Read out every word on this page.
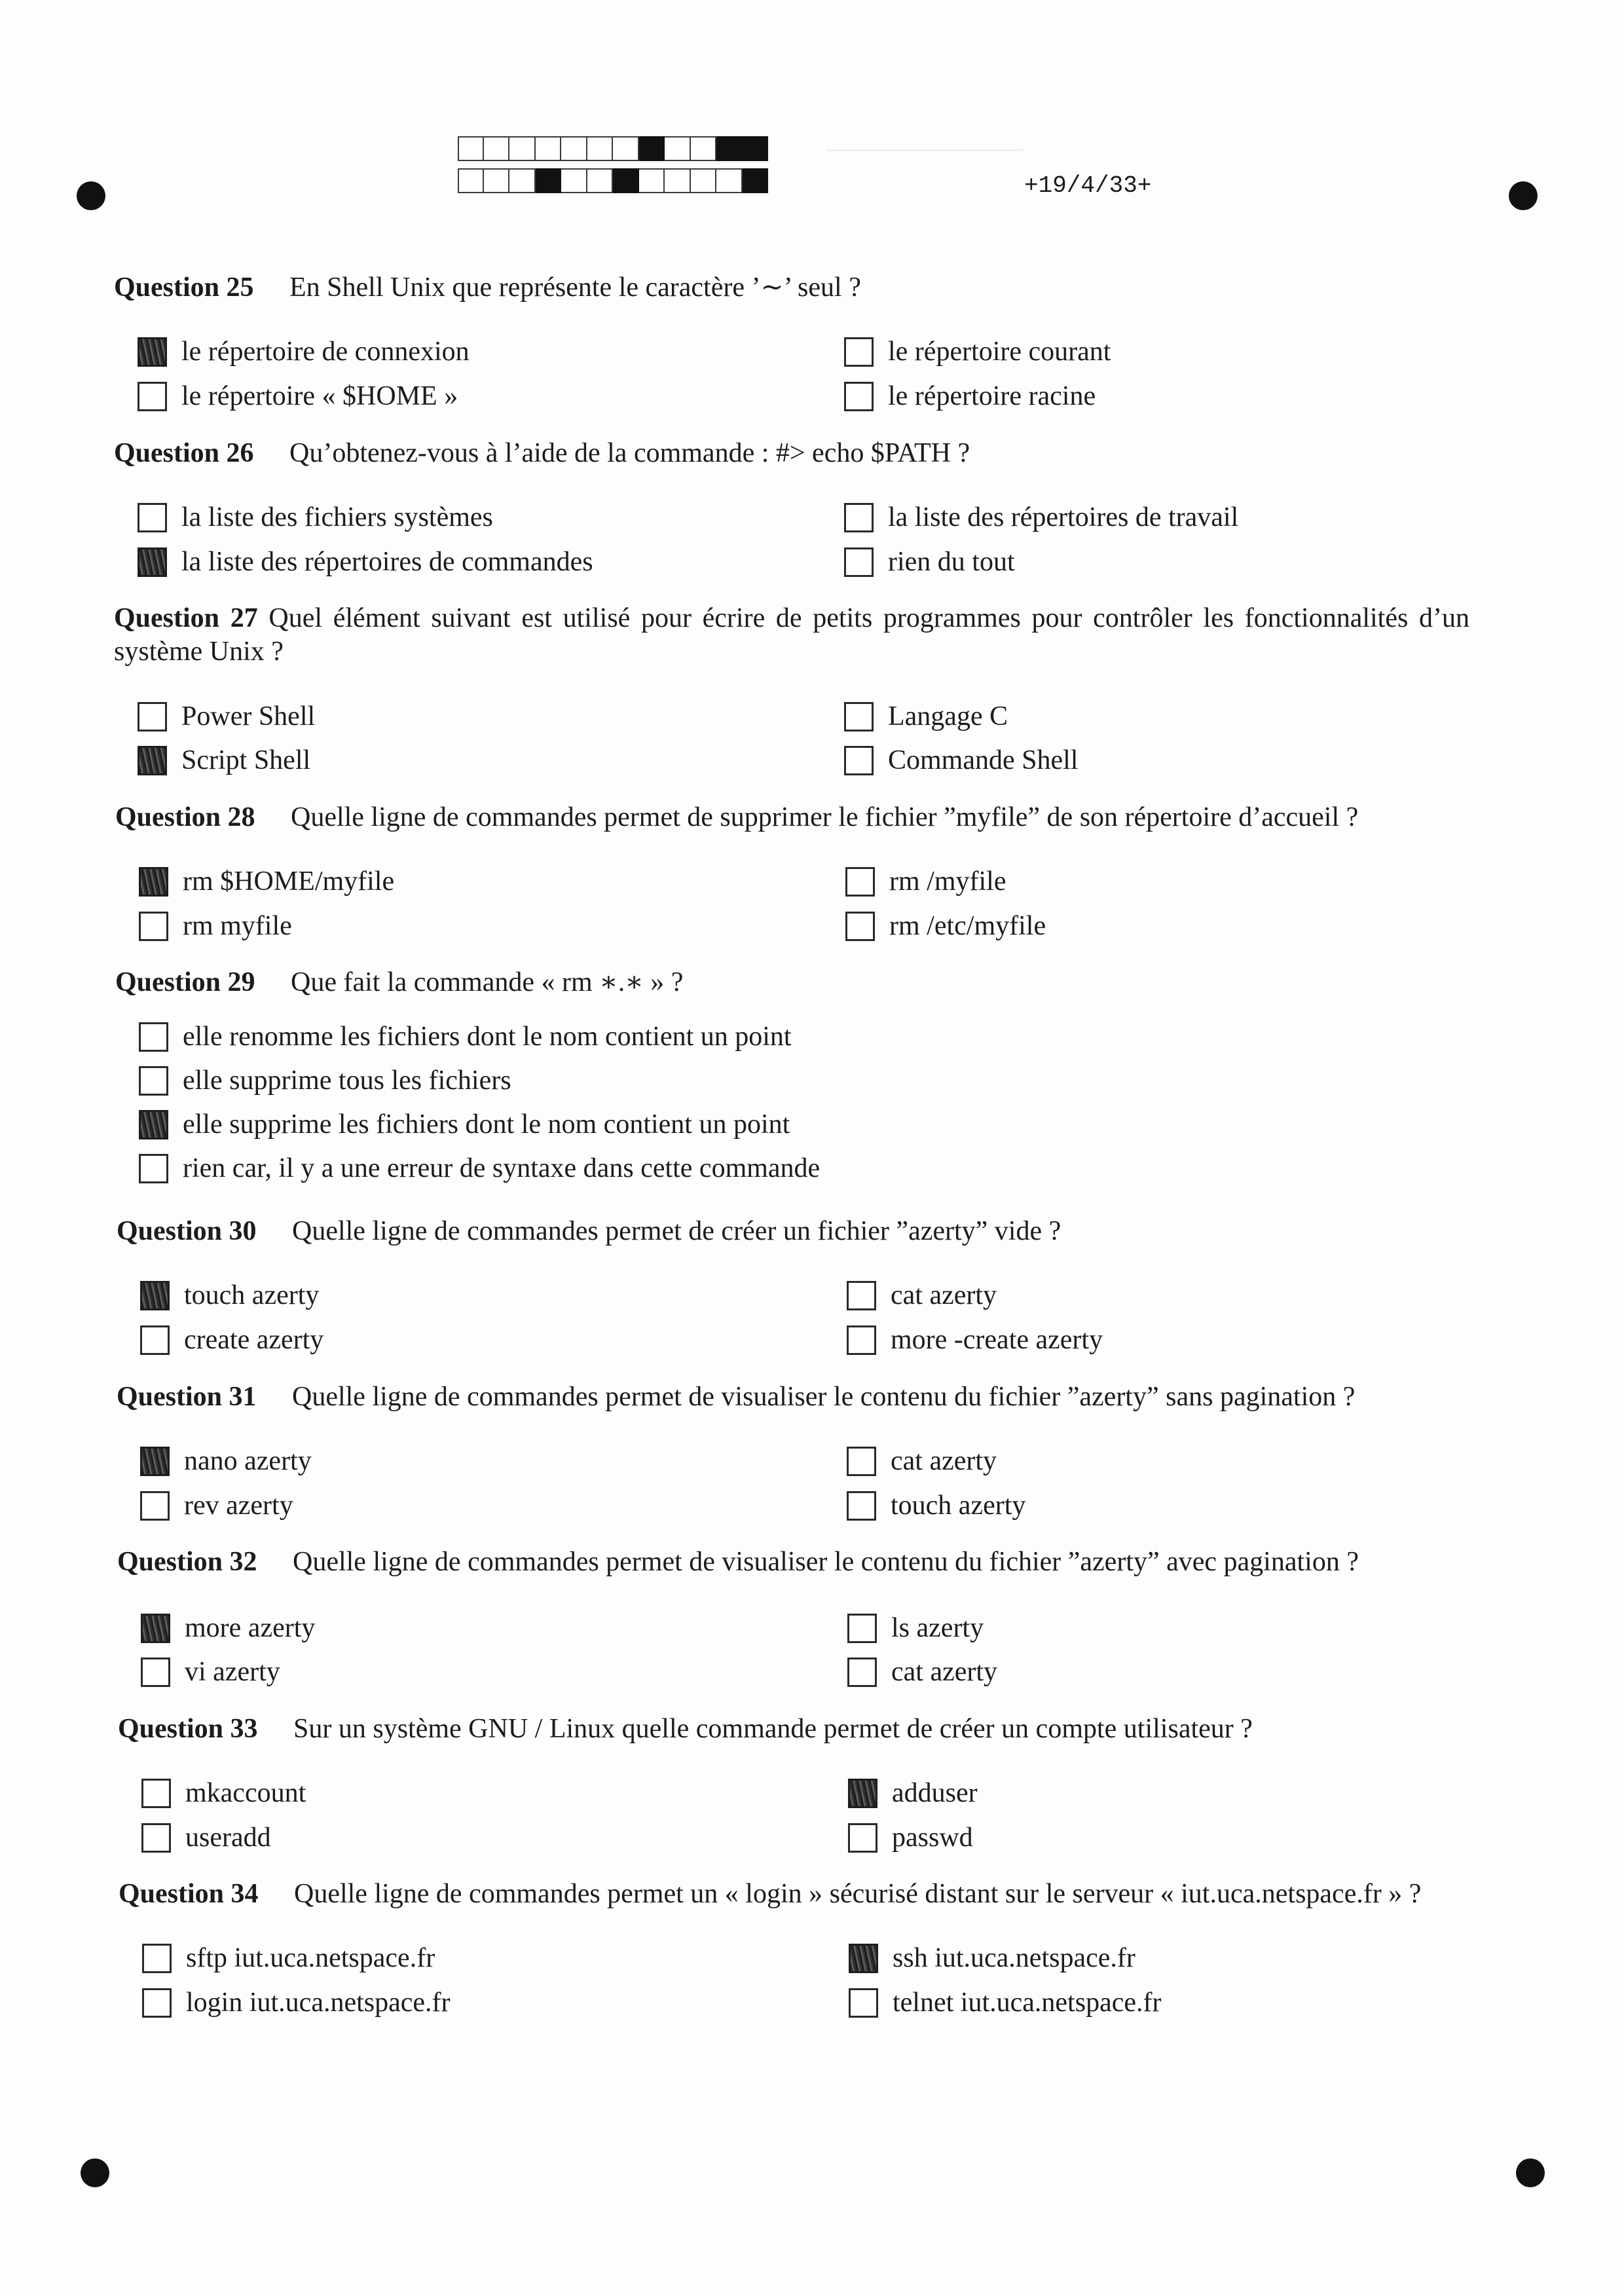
+19/4/33+
Question 25 En Shell Unix que représente le caractère ’∼’ seul ?
le répertoire de connexion
le répertoire « $HOME »
le répertoire courant
le répertoire racine
Question 26 Qu’obtenez-vous à l’aide de la commande : #> echo $PATH ?
la liste des fichiers systèmes
la liste des répertoires de commandes
la liste des répertoires de travail
rien du tout

Question 27 Quel élément suivant est utilisé pour écrire de petits programmes pour contrôler les fonctionnalités d’un système Unix ?

Power Shell
Script Shell
Langage C
Commande Shell
Question 28 Quelle ligne de commandes permet de supprimer le fichier ”myfile” de son répertoire d’accueil ?
rm $HOME/myfile
rm myfile
rm /myfile
rm /etc/myfile
Question 29 Que fait la commande « rm ∗.∗ » ?
elle renomme les fichiers dont le nom contient un point
elle supprime tous les fichiers
elle supprime les fichiers dont le nom contient un point
rien car, il y a une erreur de syntaxe dans cette commande
Question 30 Quelle ligne de commandes permet de créer un fichier ”azerty” vide ?
touch azerty
create azerty
cat azerty
more -create azerty
Question 31 Quelle ligne de commandes permet de visualiser le contenu du fichier ”azerty” sans pagination ?
nano azerty
rev azerty
cat azerty
touch azerty
Question 32 Quelle ligne de commandes permet de visualiser le contenu du fichier ”azerty” avec pagination ?
more azerty
vi azerty
ls azerty
cat azerty
Question 33 Sur un système GNU / Linux quelle commande permet de créer un compte utilisateur ?
mkaccount
useradd
adduser
passwd
Question 34 Quelle ligne de commandes permet un « login » sécurisé distant sur le serveur « iut.uca.netspace.fr » ?
sftp iut.uca.netspace.fr
login iut.uca.netspace.fr
ssh iut.uca.netspace.fr
telnet iut.uca.netspace.fr
